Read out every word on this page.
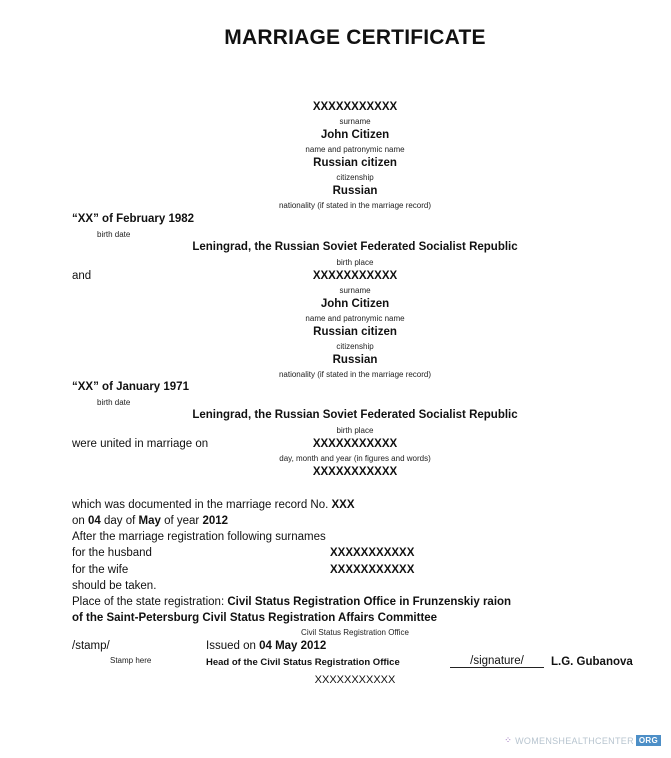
MARRIAGE CERTIFICATE
XXXXXXXXXXX
surname
John Citizen
name and patronymic name
Russian citizen
citizenship
Russian
nationality (if stated in the marriage record)
“XX” of February 1982
birth date
Leningrad, the Russian Soviet Federated Socialist Republic
birth place
and	XXXXXXXXXXX
surname
John Citizen
name and patronymic name
Russian citizen
citizenship
Russian
nationality (if stated in the marriage record)
“XX” of January 1971
birth date
Leningrad, the Russian Soviet Federated Socialist Republic
birth place
were united in marriage on	XXXXXXXXXXX
day, month and year (in figures and words)
XXXXXXXXXXX
which was documented in the marriage record No. XXX
on 04 day of May of year 2012
After the marriage registration following surnames
for the husband	XXXXXXXXXXX
for the wife	XXXXXXXXXXX
should be taken.
Place of the state registration: Civil Status Registration Office in Frunzenskiy raion
of the Saint-Petersburg Civil Status Registration Affairs Committee
Civil Status Registration Office
/stamp/
Stamp here
Issued on 04 May 2012
Head of the Civil Status Registration Office	/signature/	L.G. Gubanova
XXXXXXXXXXX
⁘ WOMENSHEALTHCENTER ORG
